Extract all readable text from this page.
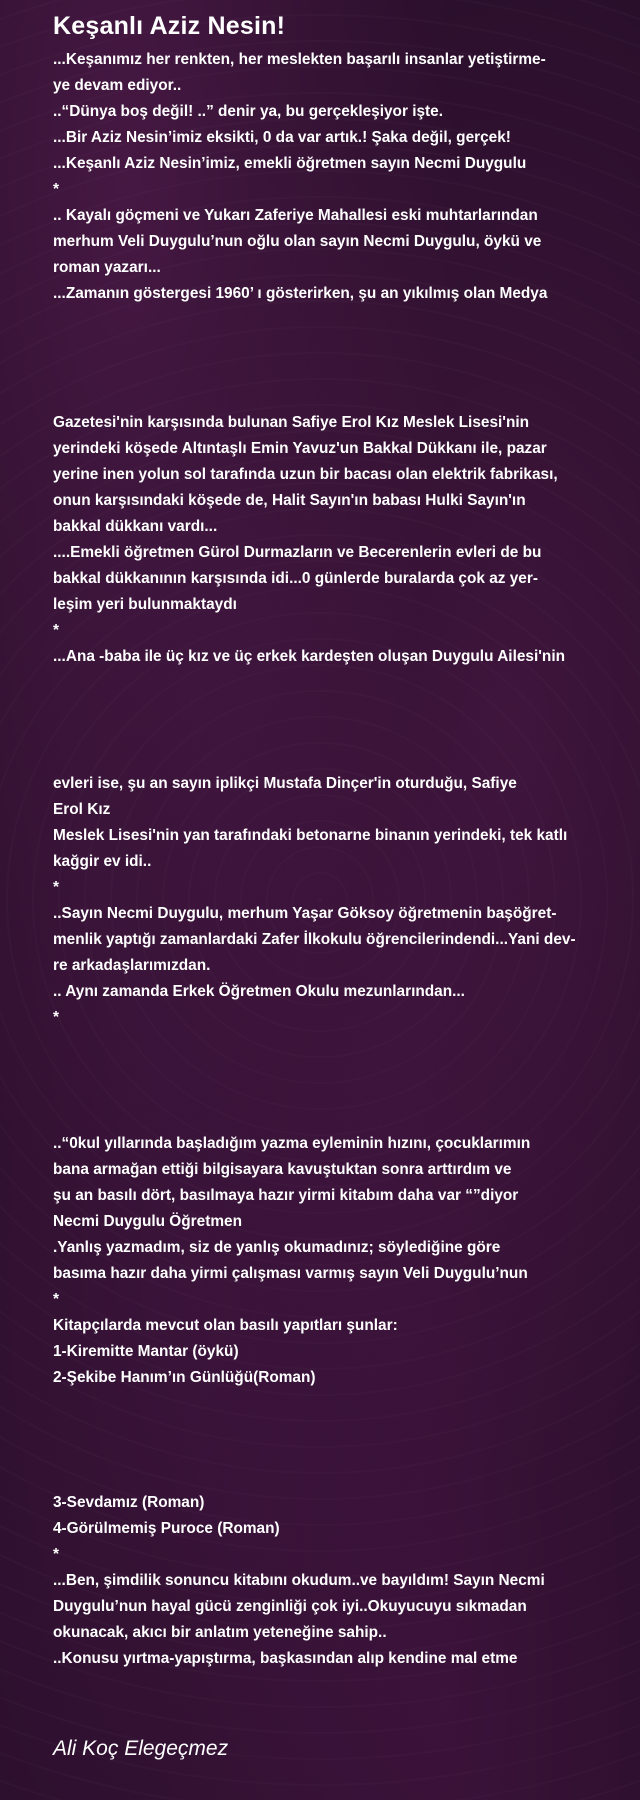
Keşanlı Aziz Nesin!
...Keşanımız her renkten, her meslekten başarılı insanlar yetiştirme-
ye devam ediyor..
..“Dünya boş değil! ..” denir ya, bu gerçekleşiyor işte.
...Bir Aziz Nesin’imiz eksikti, 0 da var artık.! Şaka değil, gerçek!
...Keşanlı Aziz Nesin’imiz, emekli öğretmen sayın Necmi Duygulu
*
.. Kayalı göçmeni ve Yukarı Zaferiye Mahallesi eski muhtarlarından
merhum Veli Duygulu’nun oğlu olan sayın Necmi Duygulu, öykü ve
roman yazarı...
...Zamanın göstergesi 1960’ ı gösterirken, şu an yıkılmış olan Medya
Gazetesi'nin karşısında bulunan Safiye Erol Kız Meslek Lisesi'nin
yerindeki köşede Altıntaşlı Emin Yavuz'un Bakkal Dükkanı ile, pazar
yerine inen yolun sol tarafında uzun bir bacası olan elektrik fabrikası,
onun karşısındaki köşede de, Halit Sayın'ın babası Hulki Sayın'ın
bakkal dükkanı vardı...
....Emekli öğretmen Gürol Durmazların ve Becerenlerin evleri de bu
bakkal dükkanının karşısında idi...0 günlerde buralarda çok az yer-
leşim yeri bulunmaktaydı
*
...Ana -baba ile üç kız ve üç erkek kardeşten oluşan Duygulu Ailesi'nin
evleri ise, şu an sayın iplikçi Mustafa Dinçer'in oturduğu, Safiye
Erol Kız
Meslek Lisesi'nin yan tarafındaki betonarne binanın yerindeki, tek katlı
kağgir ev idi..
*
..Sayın Necmi Duygulu, merhum Yaşar Göksoy öğretmenin başöğret-
menlik yaptığı zamanlardaki Zafer İlkokulu öğrencilerindendi...Yani dev-
re arkadaşlarımızdan.
.. Aynı zamanda Erkek Öğretmen Okulu mezunlarından...
*
..“0kul yıllarında başladığım yazma eyleminin hızını, çocuklarımın
bana armağan ettiği bilgisayara kavuştuktan sonra arttırdım ve
şu an basılı dört, basılmaya hazır yirmi kitabım daha var “”diyor
Necmi Duygulu Öğretmen
.Yanlış yazmadım, siz de yanlış okumadınız; söylediğine göre
basıma hazır daha yirmi çalışması varmış sayın Veli Duygulu’nun
*
Kitapçılarda mevcut olan basılı yapıtları şunlar:
1-Kiremitte Mantar (öykü)
2-Şekibe Hanım’ın Günlüğü(Roman)
3-Sevdamız (Roman)
4-Görülmemiş Puroce (Roman)
*
...Ben, şimdilik sonuncu kitabını okudum..ve bayıldım! Sayın Necmi
Duygulu’nun hayal gücü zenginliği çok iyi..Okuyucuyu sıkmadan
okunacak, akıcı bir anlatım yeteneğine sahip..
..Konusu yırtma-yapıştırma, başkasından alıp kendine mal etme
Ali Koç Elegeçmez
